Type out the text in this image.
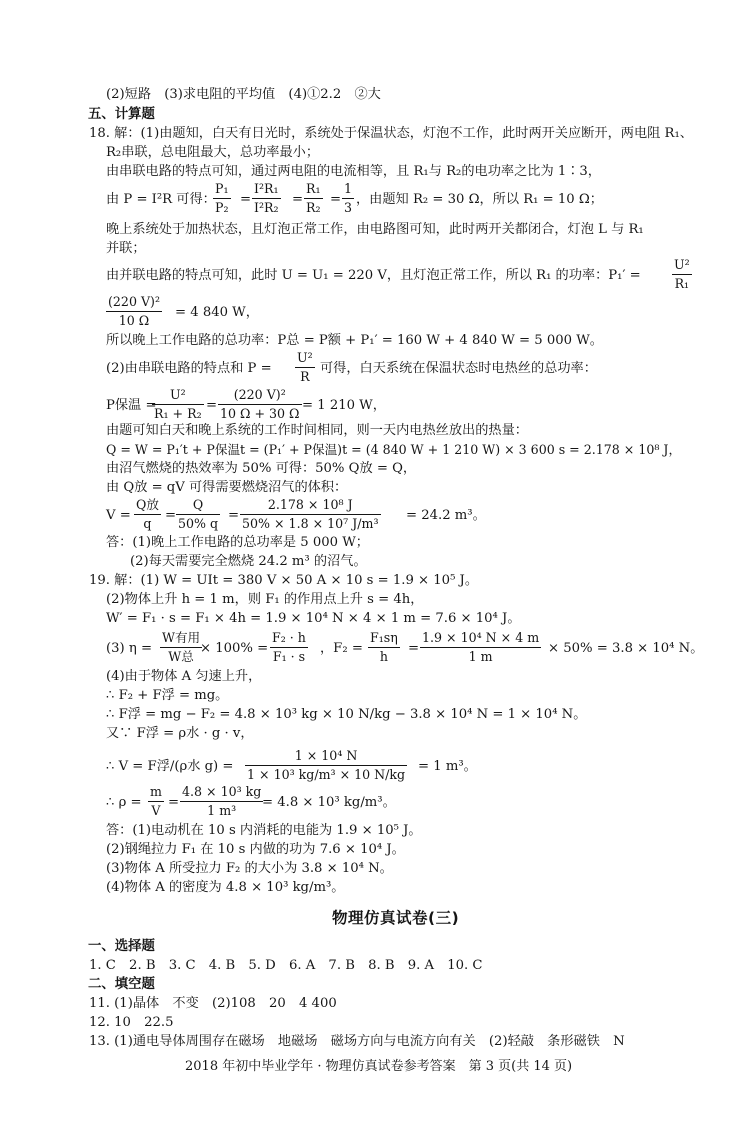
(2)短路　(3)求电阻的平均值　(4)①2.2　②大
五、计算题
18. 解：(1)由题知，白天有日光时，系统处于保温状态，灯泡不工作，此时两开关应断开，两电阻 R₁、
R₂串联，总电阻最大，总功率最小；
由串联电路的特点可知，通过两电阻的电流相等，且 R₁与 R₂的电功率之比为 1∶3，
由 P = I²R 可得：
$\frac{\text{P₁}}{\text{P₂}} = \frac{\text{I²R₁}}{\text{I²R₂}} = \frac{\text{R₁}}{\text{R₂}} = \frac{1}{3}$ ，由题知 R₂ = 30 Ω，所以 R₁ = 10 Ω；
晚上系统处于加热状态，且灯泡正常工作，由电路图可知，此时两开关都闭合，灯泡 L 与 R₁
并联；
由并联电路的特点可知，此时 U = U₁ = 220 V，且灯泡正常工作，所以 R₁ 的功率：$P_1' = \frac{\text{U²}}{\text{R₁}}$
$\frac{\text{(220 V)²}}{10 \Omega} = 4$ 840 W，
所以晚上工作电路的总功率：P总 = P额 + P₁′ = 160 W + 4 840 W = 5 000 W。
(2)由串联电路的特点和 $P = \frac{\text{U²}}{R}$ 可得，白天系统在保温状态时电热丝的总功率：
P保温 =
$\frac{\text{U²}}{\text{R₁ + R₂}} = \frac{\text{(220 V)²}}{10 \Omega + 30 \Omega} = 1$ 210 W，
由题可知白天和晚上系统的工作时间相同，则一天内电热丝放出的热量：
Q = W = P₁′t + P保温t = (P₁′ + P保温)t = (4 840 W + 1 210 W) × 3 600 s = 2.178 × 10⁸ J，
由沼气燃烧的热效率为 50% 可得：50% Q放 = Q，
由 Q放 = qV 可得需要燃烧沼气的体积：
V =
Q放
q
= $\frac{Q}{50\% q} = \frac{\text{2.178 × 10⁸ J}}{\text{50\% × 1.8 × 10⁷ J/m³}} = 24.2$ m³。
答：(1)晚上工作电路的总功率是 5 000 W；
(2)每天需要完全燃烧 24.2 m³ 的沼气。
19. 解：(1) W = UIt = 380 V × 50 A × 10 s = 1.9 × 10⁵ J。
(2)物体上升 h = 1 m，则 F₁ 的作用点上升 s = 4h，
W′ = F₁ · s = F₁ × 4h = 1.9 × 10⁴ N × 4 × 1 m = 7.6 × 10⁴ J。
(3) η =
W有用
W总
× $100\% = \frac{\text{F₂ · h}}{\text{F₁ · s}}$ ，$F_2 = \frac{\text{F₁sη}}{h} = \frac{\text{1.9 × 10⁴ N × 4 m}}{1 m} \times 50\% = 3.8 \times 10^4$ N。
(4)由于物体 A 匀速上升，
∴ F₂ + F浮 = mg。
∴ F浮 = mg − F₂ = 4.8 × 10³ kg × 10 N/kg − 3.8 × 10⁴ N = 1 × 10⁴ N。
又∵ F浮 = ρ水 · g · v，
∴ V = F浮/(ρ水 $g) = \frac{\text{1 × 10⁴ N}}{\text{1 × 10³ kg/m³ × 10 N/kg}} = 1$ m³。
∴ $\rho = \frac{m}{V} = \frac{\text{4.8 × 10³ kg}}{\text{1 m³}}$
= 4.8 × 10³ kg/m³。
答：(1)电动机在 10 s 内消耗的电能为 1.9 × 10⁵ J。
(2)钢绳拉力 F₁ 在 10 s 内做的功为 7.6 × 10⁴ J。
(3)物体 A 所受拉力 F₂ 的大小为 3.8 × 10⁴ N。
(4)物体 A 的密度为 4.8 × 10³ kg/m³。
物理仿真试卷(三)
一、选择题
1. C　2. B　3. C　4. B　5. D　6. A　7. B　8. B　9. A　10. C
二、填空题
11. (1)晶体　不变　(2)108　20　4 400
12. 10　22.5
13. (1)通电导体周围存在磁场　地磁场　磁场方向与电流方向有关　(2)轻敲　条形磁铁　N
2018 年初中毕业学年 · 物理仿真试卷参考答案　第 3 页(共 14 页)
